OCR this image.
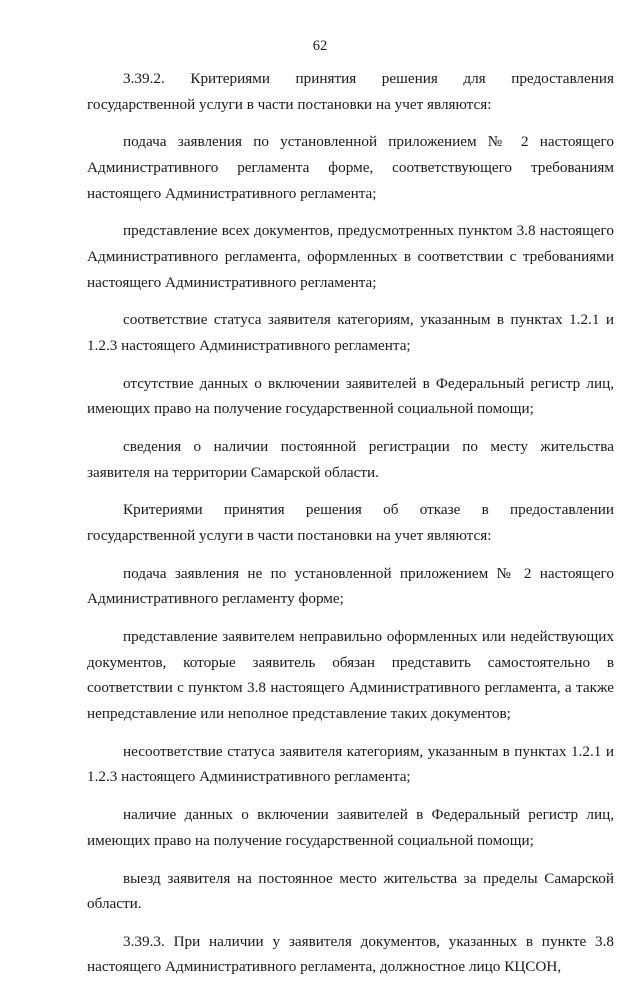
62

3.39.2. Критериями принятия решения для предоставления государственной услуги в части постановки на учет являются:

подача заявления по установленной приложением № 2 настоящего Административного регламента форме, соответствующего требованиям настоящего Административного регламента;

представление всех документов, предусмотренных пунктом 3.8 настоящего Административного регламента, оформленных в соответствии с требованиями настоящего Административного регламента;

соответствие статуса заявителя категориям, указанным в пунктах 1.2.1 и 1.2.3 настоящего Административного регламента;

отсутствие данных о включении заявителей в Федеральный регистр лиц, имеющих право на получение государственной социальной помощи;

сведения о наличии постоянной регистрации по месту жительства заявителя на территории Самарской области.

Критериями принятия решения об отказе в предоставлении государственной услуги в части постановки на учет являются:

подача заявления не по установленной приложением № 2 настоящего Административного регламенту форме;

представление заявителем неправильно оформленных или недействующих документов, которые заявитель обязан представить самостоятельно в соответствии с пунктом 3.8 настоящего Административного регламента, а также непредставление или неполное представление таких документов;

несоответствие статуса заявителя категориям, указанным в пунктах 1.2.1 и 1.2.3 настоящего Административного регламента;

наличие данных о включении заявителей в Федеральный регистр лиц, имеющих право на получение государственной социальной помощи;

выезд заявителя на постоянное место жительства за пределы Самарской области.

3.39.3. При наличии у заявителя документов, указанных в пункте 3.8 настоящего Административного регламента, должностное лицо КЦСОН,
